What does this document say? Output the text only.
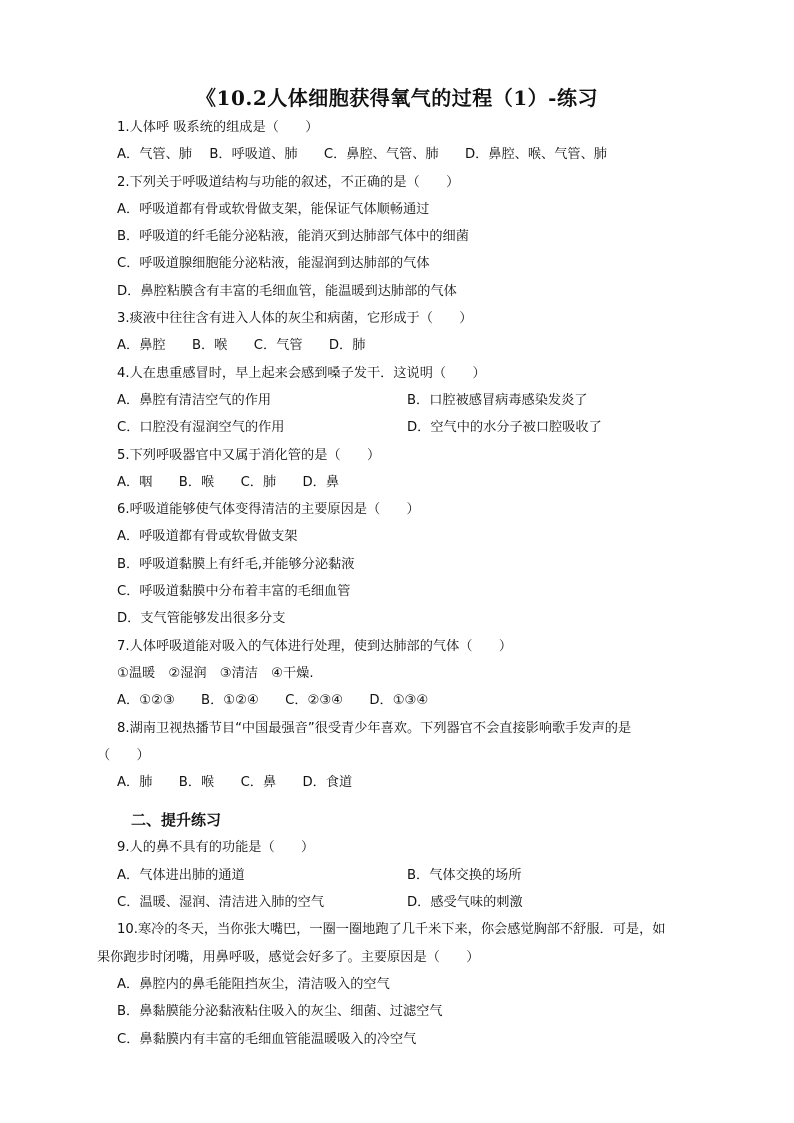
《10.2人体细胞获得氧气的过程（1）-练习
1.人体呼 吸系统的组成是（　　）
A．气管、肺　 B．呼吸道、肺　　C．鼻腔、气管、肺　　D．鼻腔、喉、气管、肺
2.下列关于呼吸道结构与功能的叙述，不正确的是（　　）
A．呼吸道都有骨或软骨做支架，能保证气体顺畅通过
B．呼吸道的纤毛能分泌粘液，能消灭到达肺部气体中的细菌
C．呼吸道腺细胞能分泌粘液，能湿润到达肺部的气体
D．鼻腔粘膜含有丰富的毛细血管，能温暖到达肺部的气体
3.痰液中往往含有进入人体的灰尘和病菌，它形成于（　　）
A．鼻腔　　B．喉　　C．气管　　D．肺
4.人在患重感冒时，早上起来会感到嗓子发干．这说明（　　）
A．鼻腔有清洁空气的作用	B．口腔被感冒病毒感染发炎了
C．口腔没有湿润空气的作用	D．空气中的水分子被口腔吸收了
5.下列呼吸器官中又属于消化管的是（　　）
A．咽　　B．喉　　C．肺　　D．鼻
6.呼吸道能够使气体变得清洁的主要原因是（　　）
A．呼吸道都有骨或软骨做支架
B．呼吸道黏膜上有纤毛,并能够分泌黏液
C．呼吸道黏膜中分布着丰富的毛细血管
D．支气管能够发出很多分支
7.人体呼吸道能对吸入的气体进行处理，使到达肺部的气体（　　）
①温暖　②湿润　③清洁　④干燥.
A．①②③　　B．①②④　　C．②③④　　D．①③④
8.湖南卫视热播节目“中国最强音”很受青少年喜欢。下列器官不会直接影响歌手发声的是
（　　）
A．肺　　B．喉　　C．鼻　　D．食道
二、提升练习
9.人的鼻不具有的功能是（　　）
A．气体进出肺的通道	B．气体交换的场所
C．温暖、湿润、清洁进入肺的空气	D．感受气味的刺激
10.寒冷的冬天，当你张大嘴巴，一圈一圈地跑了几千米下来，你会感觉胸部不舒服．可是，如
果你跑步时闭嘴，用鼻呼吸，感觉会好多了。主要原因是（　　）
A．鼻腔内的鼻毛能阻挡灰尘，清洁吸入的空气
B．鼻黏膜能分泌黏液粘住吸入的灰尘、细菌、过滤空气
C．鼻黏膜内有丰富的毛细血管能温暖吸入的冷空气
